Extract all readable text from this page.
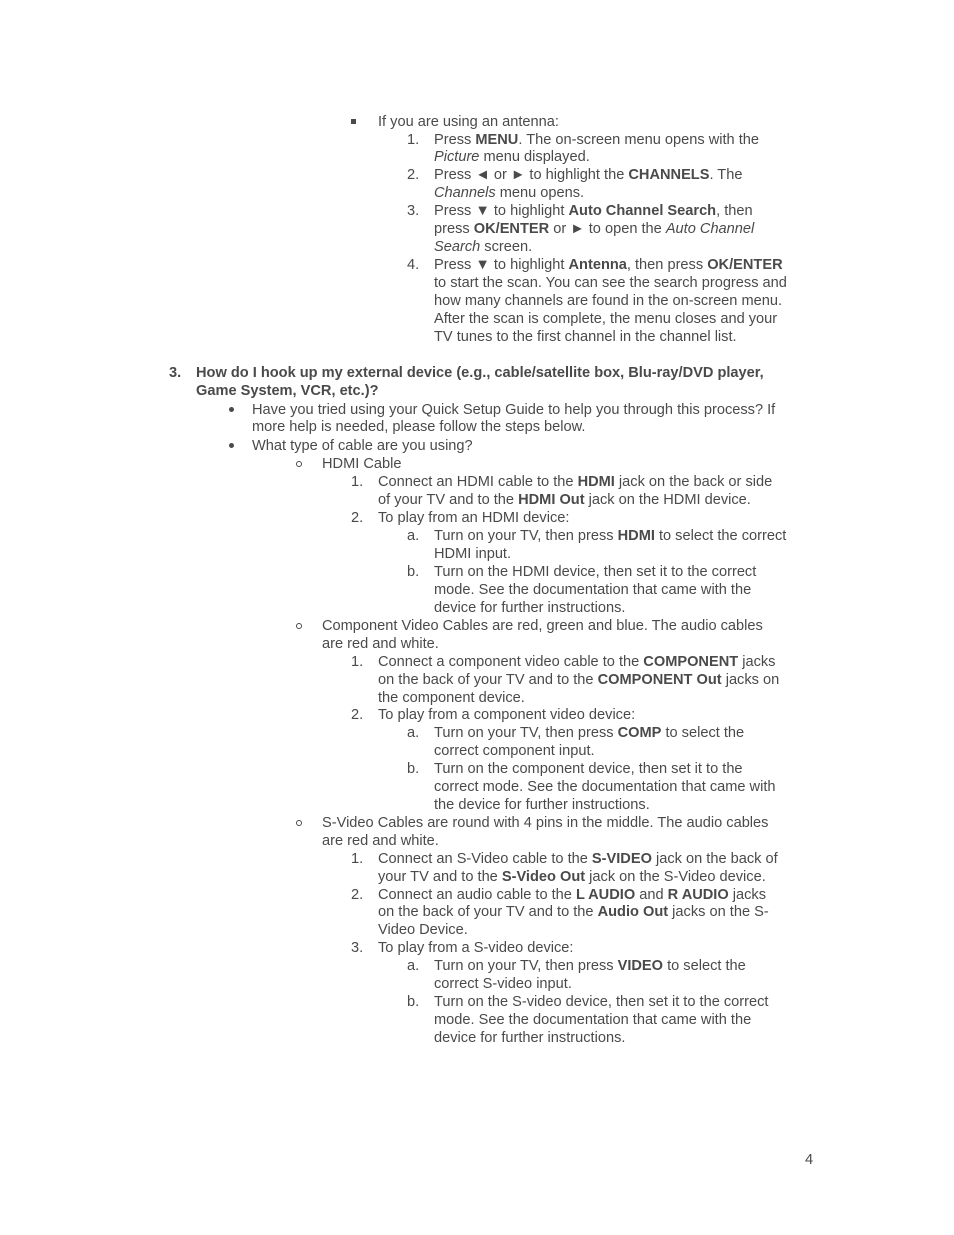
If you are using an antenna:
1. Press MENU. The on-screen menu opens with the
Picture menu displayed.
2. Press ◄ or ► to highlight the CHANNELS. The
Channels menu opens.
3. Press ▼ to highlight Auto Channel Search, then
press OK/ENTER or ► to open the Auto Channel
Search screen.
4. Press ▼ to highlight Antenna, then press OK/ENTER
to start the scan. You can see the search progress and
how many channels are found in the on-screen menu.
After the scan is complete, the menu closes and your
TV tunes to the first channel in the channel list.
3. How do I hook up my external device (e.g., cable/satellite box, Blu-ray/DVD player,
Game System, VCR, etc.)?
Have you tried using your Quick Setup Guide to help you through this process? If
more help is needed, please follow the steps below.
What type of cable are you using?
HDMI Cable
1. Connect an HDMI cable to the HDMI jack on the back or side
of your TV and to the HDMI Out jack on the HDMI device.
2. To play from an HDMI device:
a. Turn on your TV, then press HDMI to select the correct
HDMI input.
b. Turn on the HDMI device, then set it to the correct
mode. See the documentation that came with the
device for further instructions.
Component Video Cables are red, green and blue. The audio cables
are red and white.
1. Connect a component video cable to the COMPONENT jacks
on the back of your TV and to the COMPONENT Out jacks on
the component device.
2. To play from a component video device:
a. Turn on your TV, then press COMP to select the
correct component input.
b. Turn on the component device, then set it to the
correct mode. See the documentation that came with
the device for further instructions.
S-Video Cables are round with 4 pins in the middle. The audio cables
are red and white.
1. Connect an S-Video cable to the S-VIDEO jack on the back of
your TV and to the S-Video Out jack on the S-Video device.
2. Connect an audio cable to the L AUDIO and R AUDIO jacks
on the back of your TV and to the Audio Out jacks on the S-
Video Device.
3. To play from a S-video device:
a. Turn on your TV, then press VIDEO to select the
correct S-video input.
b. Turn on the S-video device, then set it to the correct
mode. See the documentation that came with the
device for further instructions.
4
